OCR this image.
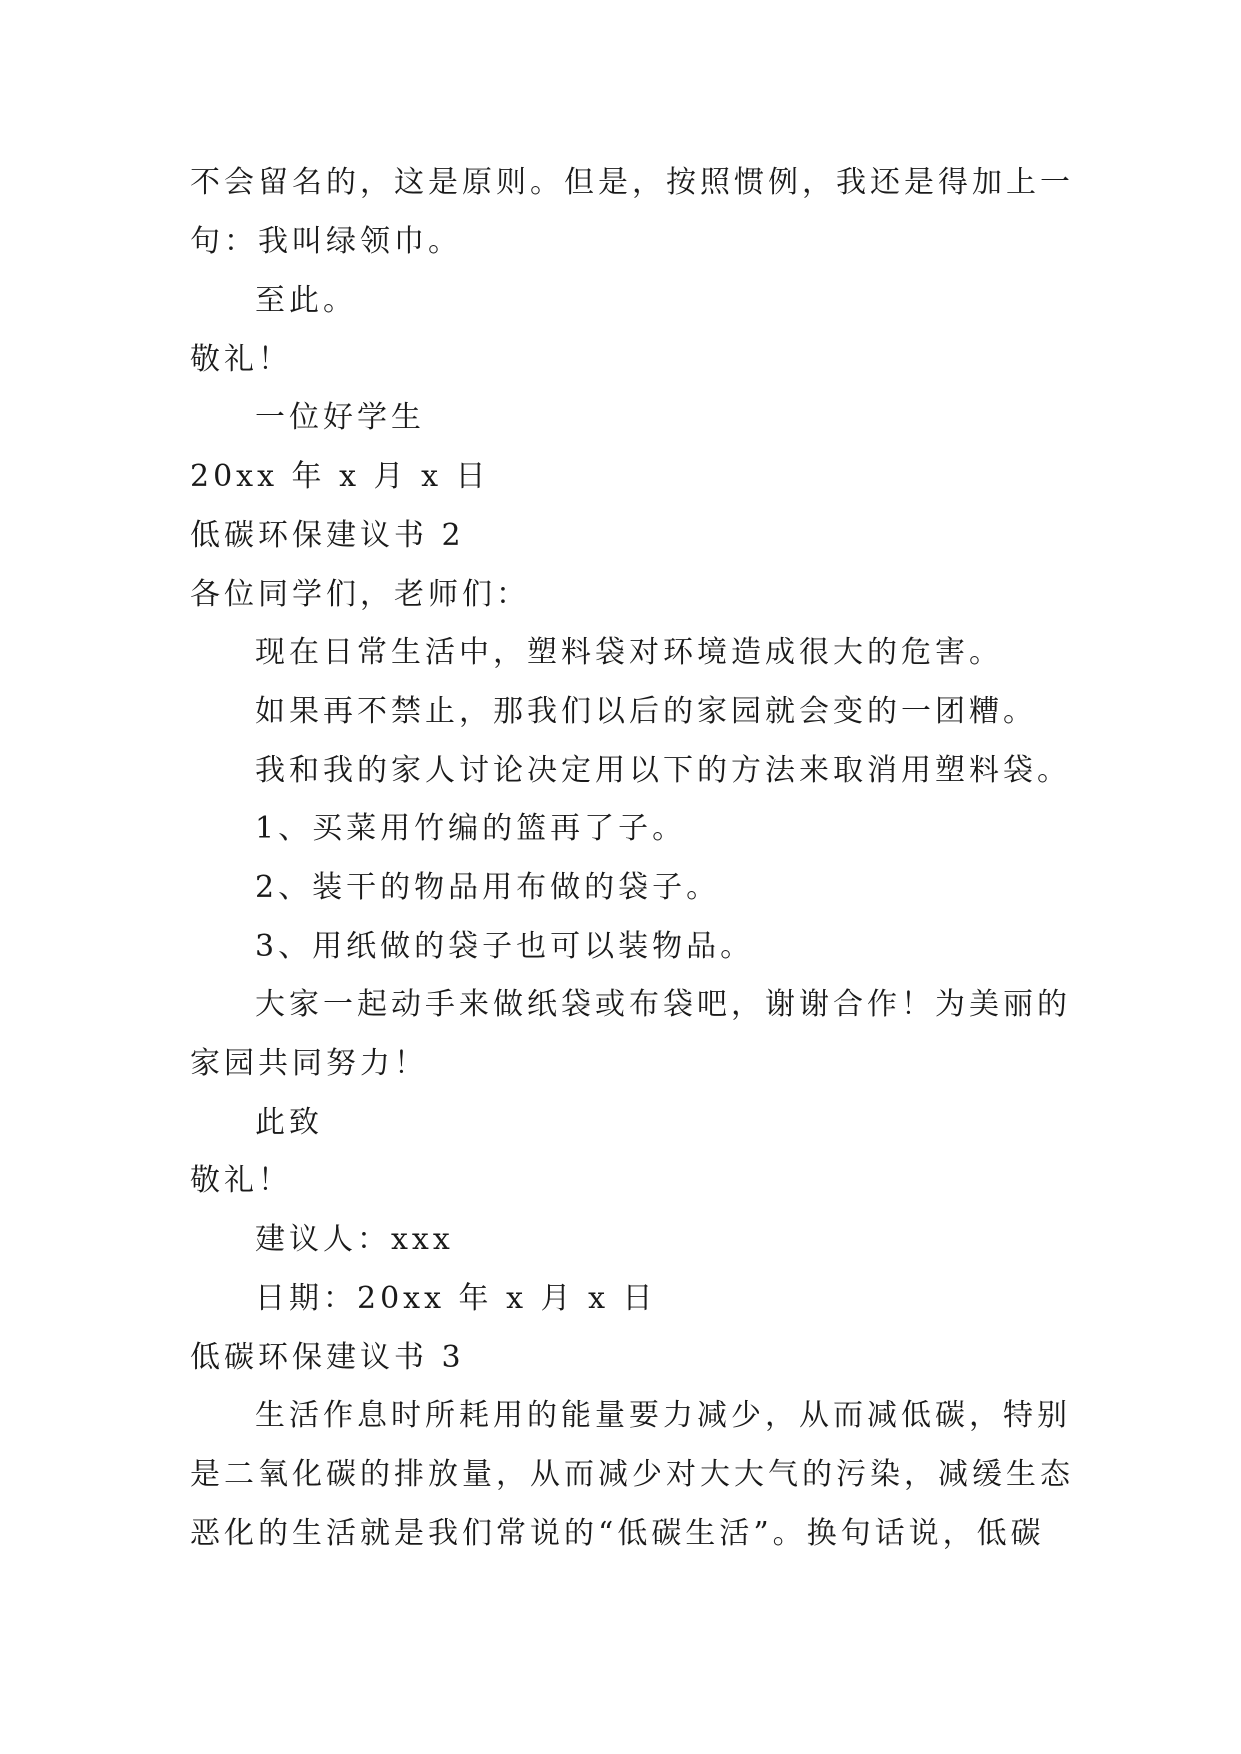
不会留名的，这是原则。但是，按照惯例，我还是得加上一
句：我叫绿领巾。
至此。
敬礼！
一位好学生
20xx 年 x 月 x 日
低碳环保建议书 2
各位同学们，老师们：
现在日常生活中，塑料袋对环境造成很大的危害。
如果再不禁止，那我们以后的家园就会变的一团糟。
我和我的家人讨论决定用以下的方法来取消用塑料袋。
1、买菜用竹编的篮再了子。
2、装干的物品用布做的袋子。
3、用纸做的袋子也可以装物品。
大家一起动手来做纸袋或布袋吧，谢谢合作！为美丽的
家园共同努力！
此致
敬礼！
建议人：xxx
日期：20xx 年 x 月 x 日
低碳环保建议书 3
生活作息时所耗用的能量要力减少，从而减低碳，特别
是二氧化碳的排放量，从而减少对大大气的污染，减缓生态
恶化的生活就是我们常说的“低碳生活”。换句话说，低碳
